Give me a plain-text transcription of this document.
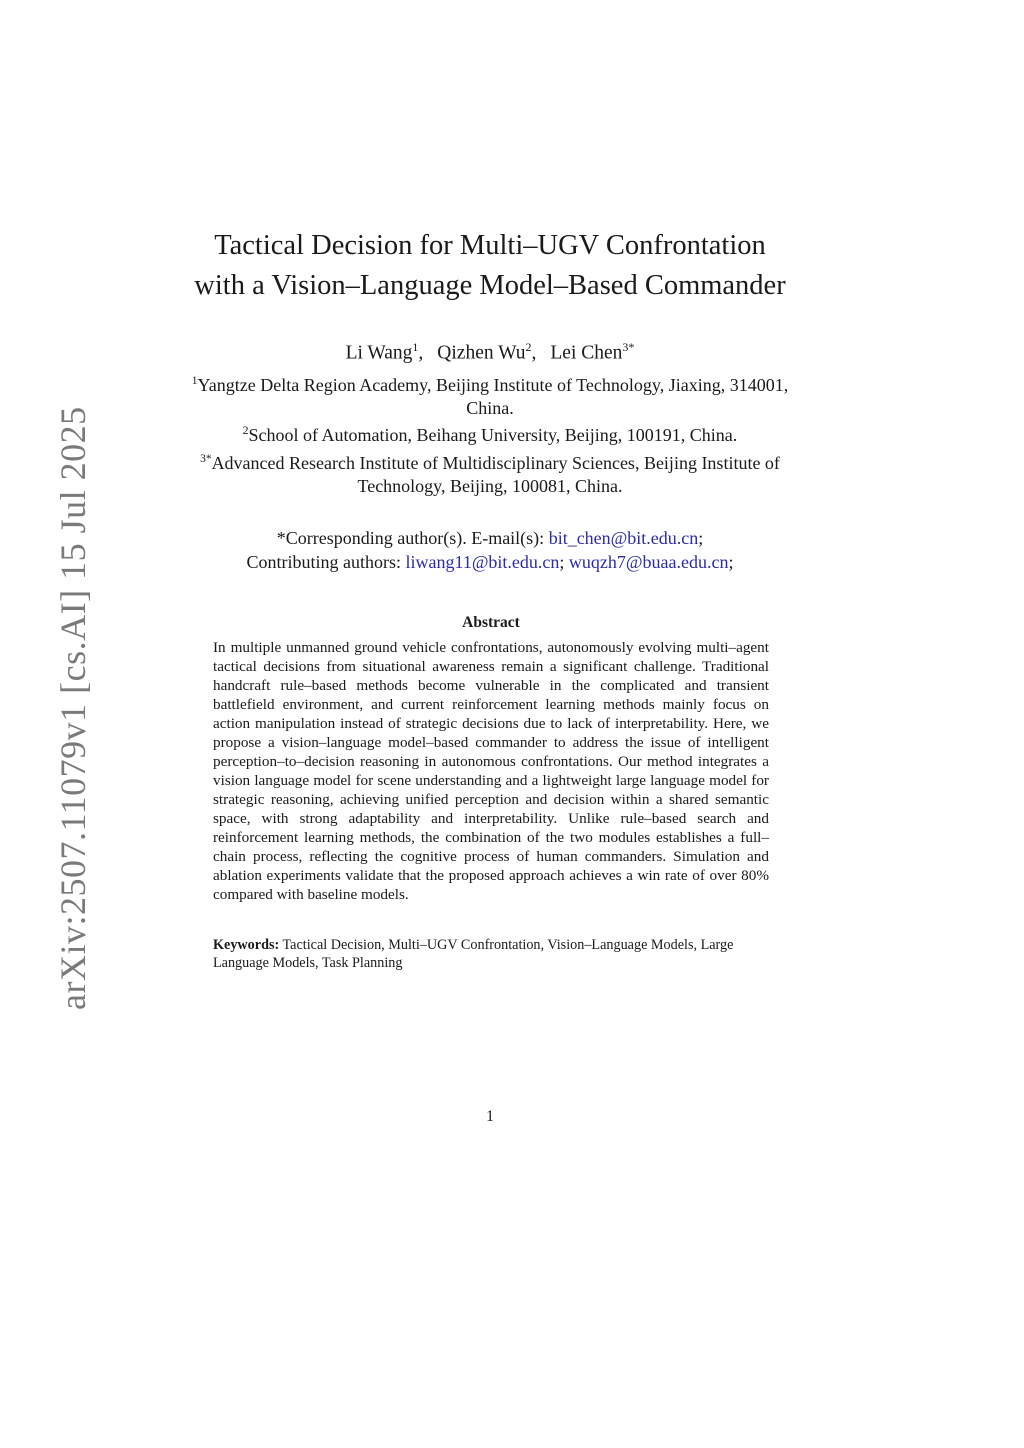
arXiv:2507.11079v1 [cs.AI] 15 Jul 2025
Tactical Decision for Multi–UGV Confrontation
with a Vision–Language Model–Based Commander
Li Wang$^1$, Qizhen Wu$^2$, Lei Chen$^{3*}$
$^1$Yangtze Delta Region Academy, Beijing Institute of Technology, Jiaxing, 314001, China.
$^2$School of Automation, Beihang University, Beijing, 100191, China.
$^{3*}$Advanced Research Institute of Multidisciplinary Sciences, Beijing Institute of Technology, Beijing, 100081, China.
*Corresponding author(s). E-mail(s): bit_chen@bit.edu.cn;
Contributing authors: liwang11@bit.edu.cn; wuqzh7@buaa.edu.cn;
Abstract
In multiple unmanned ground vehicle confrontations, autonomously evolving multi–agent tactical decisions from situational awareness remain a significant challenge. Traditional handcraft rule–based methods become vulnerable in the complicated and transient battlefield environment, and current reinforcement learning methods mainly focus on action manipulation instead of strategic decisions due to lack of interpretability. Here, we propose a vision–language model–based commander to address the issue of intelligent perception–to–decision reasoning in autonomous confrontations. Our method integrates a vision language model for scene understanding and a lightweight large language model for strategic reasoning, achieving unified perception and decision within a shared semantic space, with strong adaptability and interpretability. Unlike rule–based search and reinforcement learning methods, the combination of the two modules establishes a full–chain process, reflecting the cognitive process of human commanders. Simulation and ablation experiments validate that the proposed approach achieves a win rate of over 80% compared with baseline models.
Keywords: Tactical Decision, Multi–UGV Confrontation, Vision–Language Models, Large Language Models, Task Planning
1
